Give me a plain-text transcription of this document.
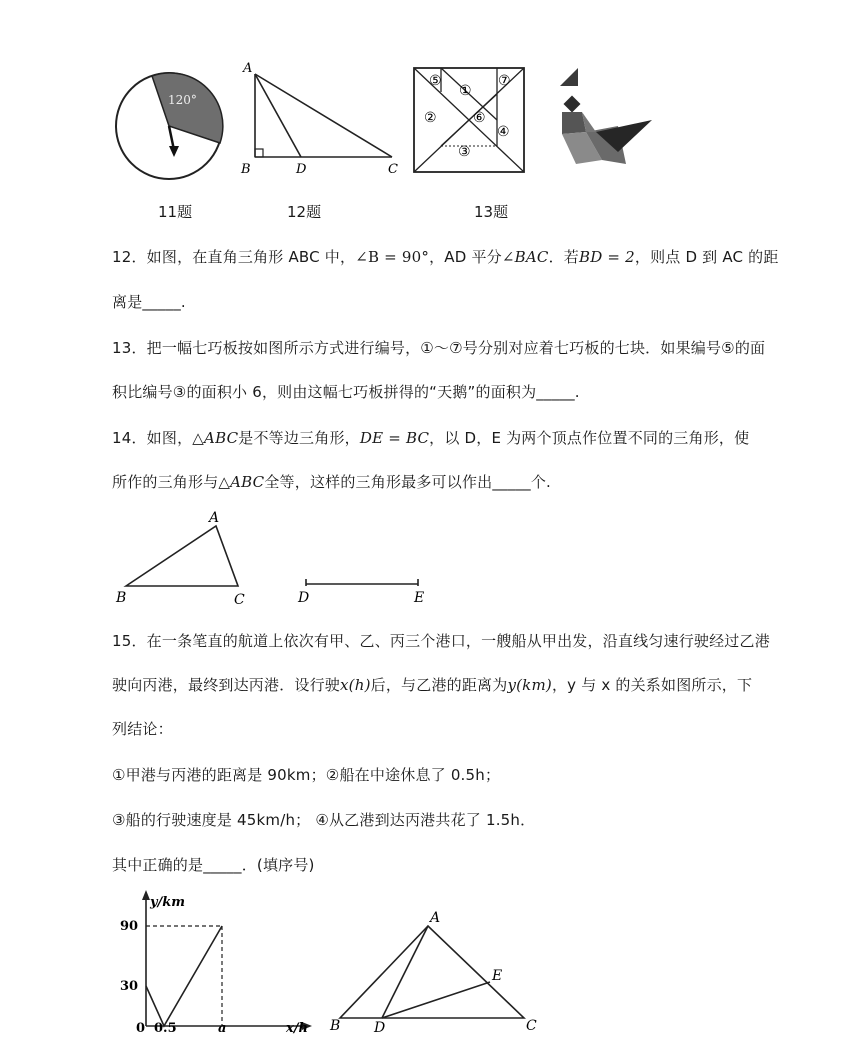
120°
A
B	D	C
⑤
①
⑦
②	⑥
④
③
11题	12题	13题
12．如图，在直角三角形 ABC 中，∠B = 90°，AD 平分∠BAC．若BD = 2，则点 D 到 AC 的距
离是_____.
13．把一幅七巧板按如图所示方式进行编号，①～⑦号分别对应着七巧板的七块．如果编号⑤的面
积比编号③的面积小 6，则由这幅七巧板拼得的“天鹅”的面积为_____.
14．如图，△ABC是不等边三角形，DE = BC，以 D，E 为两个顶点作位置不同的三角形，使
所作的三角形与△ABC全等，这样的三角形最多可以作出_____个.
A
B	C	D	E
15．在一条笔直的航道上依次有甲、乙、丙三个港口，一艘船从甲出发，沿直线匀速行驶经过乙港
驶向丙港，最终到达丙港．设行驶x(h)后，与乙港的距离为y(km)，y 与 x 的关系如图所示，下
列结论：
①甲港与丙港的距离是 90km；②船在中途休息了 0.5h；
③船的行驶速度是 45km/h； ④从乙港到达丙港共花了 1.5h．
其中正确的是_____．(填序号)
y/km
90
30
0 0.5	a	x/h
A
B D
E
C
